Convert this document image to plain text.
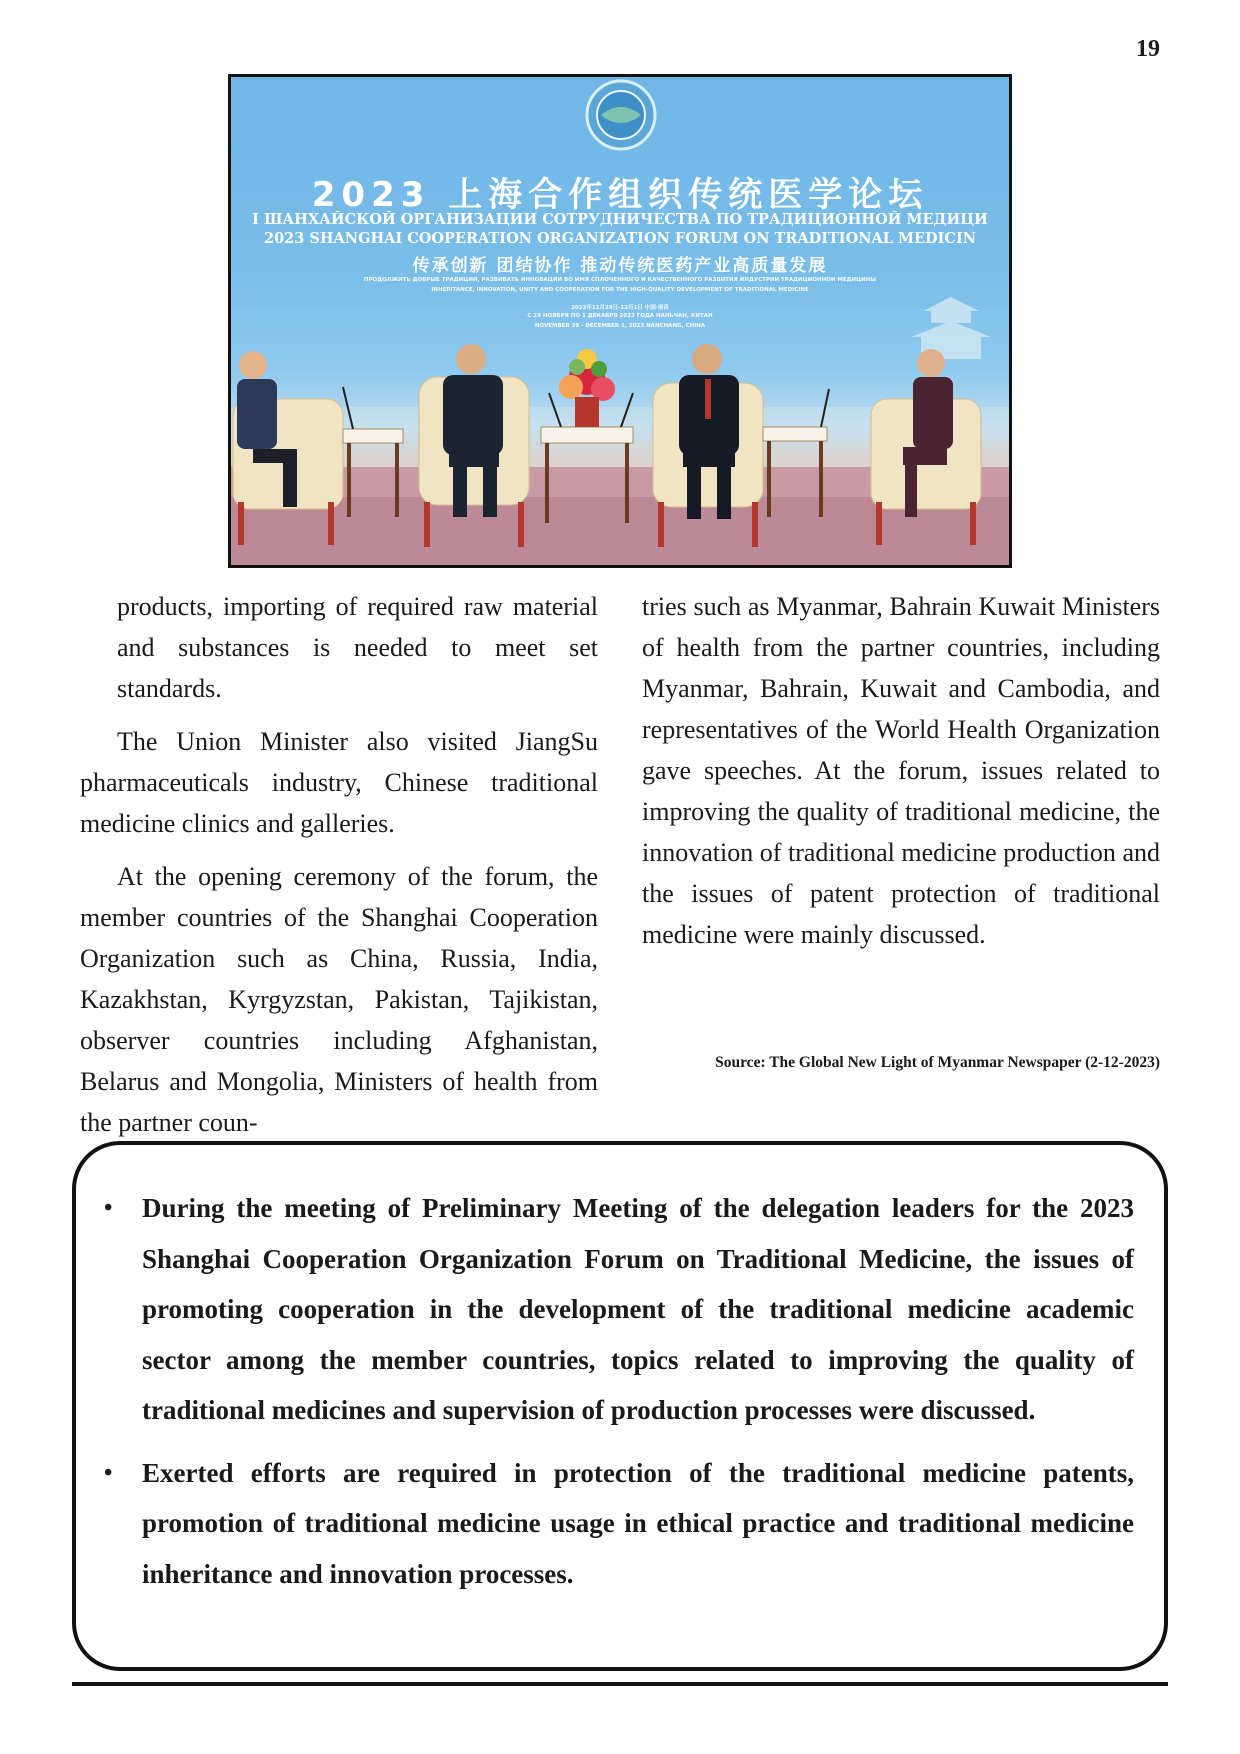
19
2023 上海合作组织传统医学论坛
I ШАНХАЙСКОЙ ОРГАНИЗАЦИИ СОТРУДНИЧЕСТВА ПО ТРАДИЦИОННОЙ МЕДИЦИ
2023 SHANGHAI COOPERATION ORGANIZATION FORUM ON TRADITIONAL MEDICIN
传承创新 团结协作 推动传统医药产业高质量发展
ПРОДОЛЖИТЬ ДОБРЫЕ ТРАДИЦИИ, РАЗВИВАТЬ ИННОВАЦИИ ВО ИМЯ СПЛОЧЕННОГО И КАЧЕСТВЕННОГО РАЗВИТИЯ ИНДУСТРИИ ТРАДИЦИОННОЙ МЕДИЦИНЫ
INHERITANCE, INNOVATION, UNITY AND COOPERATION FOR THE HIGH-QUALITY DEVELOPMENT OF TRADITIONAL MEDICINE
2023年11月29日-12月1日 中国·南昌
С 29 НОЯБРЯ ПО 1 ДЕКАБРЯ 2023 ГОДА НАНЬЧАН, КИТАЙ
NOVEMBER 29 - DECEMBER 1, 2023 NANCHANG, CHINA

products, importing of required raw material and substances is needed to meet set standards.

The Union Minister also visited JiangSu pharmaceuticals industry, Chinese traditional medicine clinics and galleries.

At the opening ceremony of the forum, the member countries of the Shanghai Cooperation Organization such as China, Russia, India, Kazakhstan, Kyrgyzstan, Pakistan, Tajikistan, observer countries including Afghanistan, Belarus and Mongolia, Ministers of health from the partner coun-

tries such as Myanmar, Bahrain Kuwait Ministers of health from the partner countries, including Myanmar, Bahrain, Kuwait and Cambodia, and representatives of the World Health Organization gave speeches. At the forum, issues related to improving the quality of traditional medicine, the innovation of traditional medicine production and the issues of patent protection of traditional medicine were mainly discussed.

Source: The Global New Light of Myanmar Newspaper (2-12-2023)
• During the meeting of Preliminary Meeting of the delegation leaders for the 2023 Shanghai Cooperation Organization Forum on Traditional Medicine, the issues of promoting cooperation in the development of the traditional medicine academic sector among the member countries, topics related to improving the quality of traditional medicines and supervision of production processes were discussed.
• Exerted efforts are required in protection of the traditional medicine patents, promotion of traditional medicine usage in ethical practice and traditional medicine inheritance and innovation processes.
